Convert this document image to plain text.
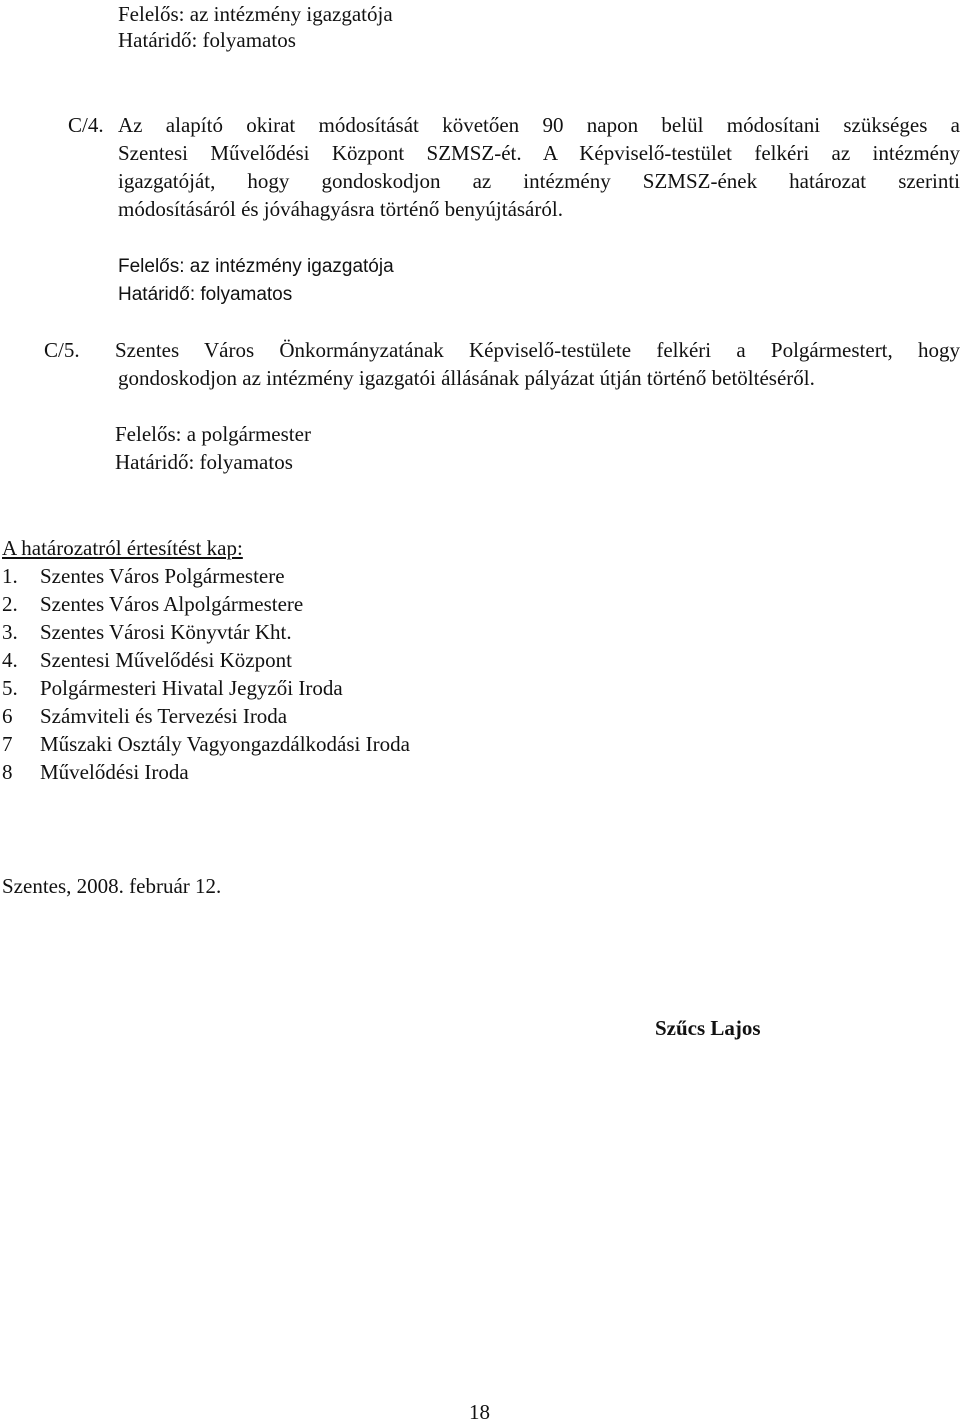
Felelős: az intézmény igazgatója
Határidő: folyamatos
C/4. Az alapító okirat módosítását követően 90 napon belül módosítani szükséges a
Szentesi Művelődési Központ SZMSZ-ét. A Képviselő-testület felkéri az intézmény
igazgatóját, hogy gondoskodjon az intézmény SZMSZ-ének határozat szerinti
módosításáról és jóváhagyásra történő benyújtásáról.
Felelős: az intézmény igazgatója
Határidő: folyamatos
C/5. Szentes Város Önkormányzatának Képviselő-testülete felkéri a Polgármestert, hogy
gondoskodjon az intézmény igazgatói állásának pályázat útján történő betöltéséről.
Felelős: a polgármester
Határidő: folyamatos
A határozatról értesítést kap:
1. Szentes Város Polgármestere
2. Szentes Város Alpolgármestere
3. Szentes Városi Könyvtár Kht.
4. Szentesi Művelődési Központ
5. Polgármesteri Hivatal Jegyzői Iroda
6 Számviteli és Tervezési Iroda
7 Műszaki Osztály Vagyongazdálkodási Iroda
8 Művelődési Iroda
Szentes, 2008. február 12.
Szűcs Lajos
18
